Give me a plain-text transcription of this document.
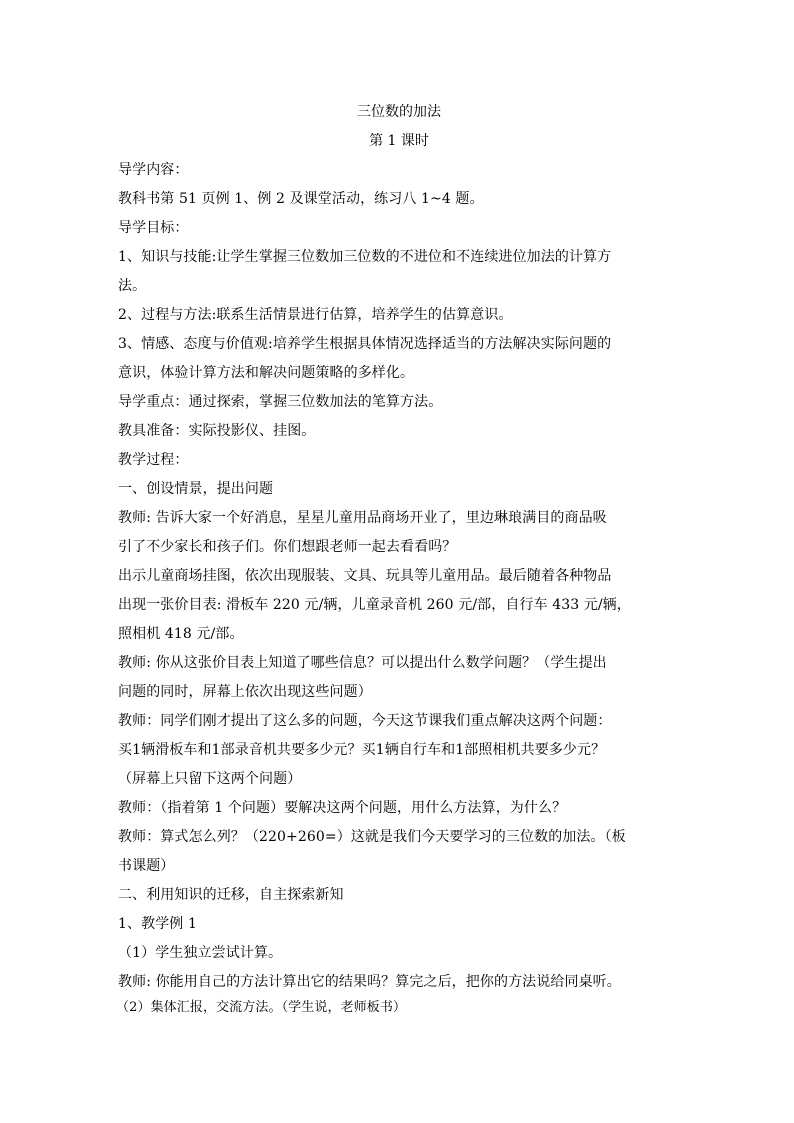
三位数的加法
第 1 课时
导学内容：
教科书第 51 页例 1、例 2 及课堂活动，练习八 1~4 题。
导学目标：
1、知识与技能:让学生掌握三位数加三位数的不进位和不连续进位加法的计算方
法。
2、过程与方法:联系生活情景进行估算，培养学生的估算意识。
3、情感、态度与价值观:培养学生根据具体情况选择适当的方法解决实际问题的
意识，体验计算方法和解决问题策略的多样化。
导学重点：通过探索，掌握三位数加法的笔算方法。
教具准备：实际投影仪、挂图。
教学过程：
一、创设情景，提出问题
教师: 告诉大家一个好消息，星星儿童用品商场开业了，里边琳琅满目的商品吸
引了不少家长和孩子们。你们想跟老师一起去看看吗？
出示儿童商场挂图，依次出现服装、文具、玩具等儿童用品。最后随着各种物品
出现一张价目表: 滑板车 220 元/辆，儿童录音机 260 元/部，自行车 433 元/辆，
照相机 418 元/部。
教师: 你从这张价目表上知道了哪些信息？可以提出什么数学问题？（学生提出
问题的同时，屏幕上依次出现这些问题）
教师：同学们刚才提出了这么多的问题，今天这节课我们重点解决这两个问题：
买1辆滑板车和1部录音机共要多少元？买1辆自行车和1部照相机共要多少元？
（屏幕上只留下这两个问题）
教师：（指着第 1 个问题）要解决这两个问题，用什么方法算，为什么？
教师：算式怎么列？（220+260=）这就是我们今天要学习的三位数的加法。（板
书课题）
二、利用知识的迁移，自主探索新知
1、教学例 1
（1）学生独立尝试计算。
教师: 你能用自己的方法计算出它的结果吗？算完之后，把你的方法说给同桌听。
（2）集体汇报，交流方法。（学生说，老师板书）
